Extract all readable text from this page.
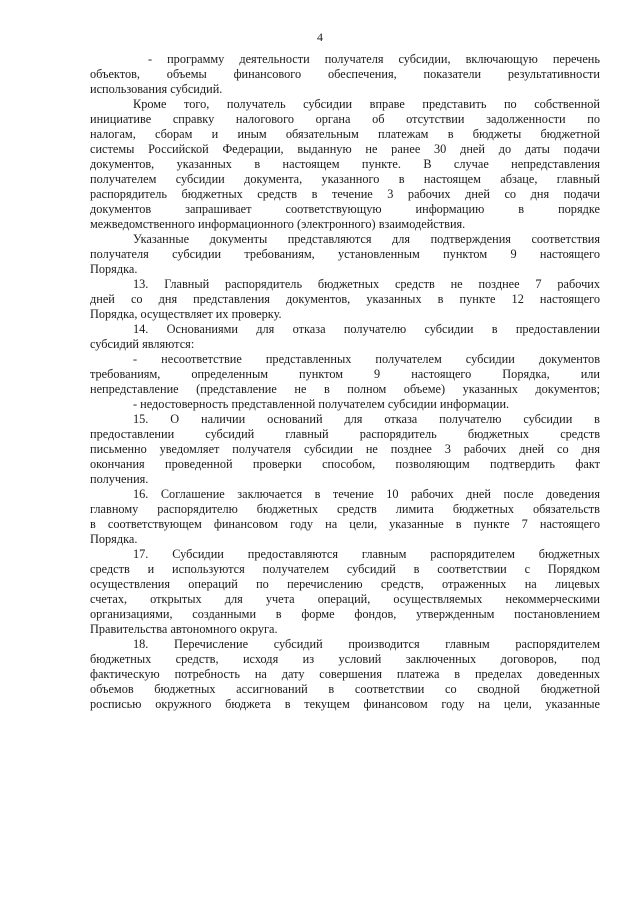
4
- программу деятельности получателя субсидии, включающую перечень
объектов, объемы финансового обеспечения, показатели результативности
использования субсидий.
Кроме того, получатель субсидии вправе представить по собственной
инициативе справку налогового органа об отсутствии задолженности по
налогам, сборам и иным обязательным платежам в бюджеты бюджетной
системы Российской Федерации, выданную не ранее 30 дней до даты подачи
документов, указанных в настоящем пункте. В случае непредставления
получателем субсидии документа, указанного в настоящем абзаце, главный
распорядитель бюджетных средств в течение 3 рабочих дней со дня подачи
документов запрашивает соответствующую информацию в порядке
межведомственного информационного (электронного) взаимодействия.
Указанные документы представляются для подтверждения соответствия
получателя субсидии требованиям, установленным пунктом 9 настоящего
Порядка.
13. Главный распорядитель бюджетных средств не позднее 7 рабочих
дней со дня представления документов, указанных в пункте 12 настоящего
Порядка, осуществляет их проверку.
14. Основаниями для отказа получателю субсидии в предоставлении
субсидий являются:
- несоответствие представленных получателем субсидии документов
требованиям, определенным пунктом 9 настоящего Порядка, или
непредставление (представление не в полном объеме) указанных документов;
- недостоверность представленной получателем субсидии информации.
15. О наличии оснований для отказа получателю субсидии в
предоставлении субсидий главный распорядитель бюджетных средств
письменно уведомляет получателя субсидии не позднее 3 рабочих дней со дня
окончания проведенной проверки способом, позволяющим подтвердить факт
получения.
16. Соглашение заключается в течение 10 рабочих дней после доведения
главному распорядителю бюджетных средств лимита бюджетных обязательств
в соответствующем финансовом году на цели, указанные в пункте 7 настоящего
Порядка.
17. Субсидии предоставляются главным распорядителем бюджетных
средств и используются получателем субсидий в соответствии с Порядком
осуществления операций по перечислению средств, отраженных на лицевых
счетах, открытых для учета операций, осуществляемых некоммерческими
организациями, созданными в форме фондов, утвержденным постановлением
Правительства автономного округа.
18. Перечисление субсидий производится главным распорядителем
бюджетных средств, исходя из условий заключенных договоров, под
фактическую потребность на дату совершения платежа в пределах доведенных
объемов бюджетных ассигнований в соответствии со сводной бюджетной
росписью окружного бюджета в текущем финансовом году на цели, указанные
